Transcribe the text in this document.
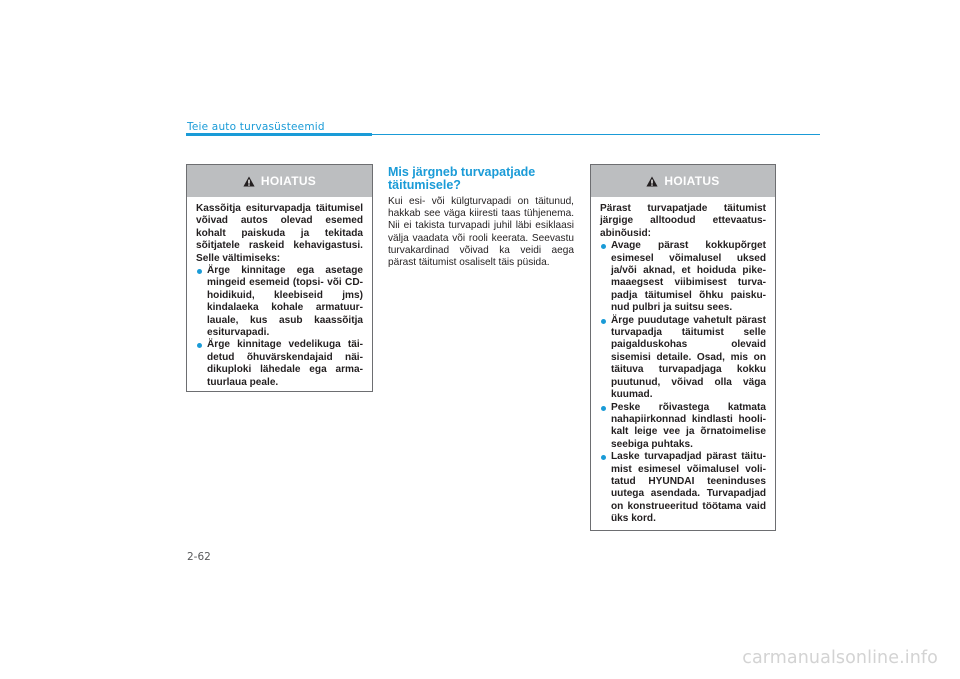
Teie auto turvasüsteemid
HOIATUS

Kassõitja esiturvapadja täitumisel võivad autos olevad esemed kohalt paiskuda ja tekitada sõitjatele raskeid kehavigastusi. Selle vältimiseks:

Ärge kinnitage ega asetage mingeid esemeid (topsi- või CD-hoidikuid, kleebiseid jms) kindalaeka kohale armatuurlauale, kus asub kaassõitja esiturvapadi.
Ärge kinnitage vedelikuga täidetud õhuvärskendajaid näidikuploki lähedale ega armatuurlaua peale.
Mis järgneb turvapatjade täitumisele?

Kui esi- või külgturvapadi on täitunud, hakkab see väga kiiresti taas tühjenema. Nii ei takista turvapadi juhil läbi esiklaasi välja vaadata või rooli keerata. Seevastu turvakardinad võivad ka veidi aega pärast täitumist osaliselt täis püsida.

HOIATUS

Pärast turvapatjade täitumist järgige alltoodud ettevaatusabinõusid:

Avage pärast kokkupõrget esimesel võimalusel uksed ja/või aknad, et hoiduda pikemaaegsest viibimisest turvapadja täitumisel õhku paiskunud pulbri ja suitsu sees.
Ärge puudutage vahetult pärast turvapadja täitumist selle paigalduskohas olevaid sisemisi detaile. Osad, mis on täituva turvapadjaga kokku puutunud, võivad olla väga kuumad.
Peske rõivastega katmata nahapiirkonnad kindlasti hoolikalt leige vee ja õrnatoimelise seebiga puhtaks.
Laske turvapadjad pärast täitumist esimesel võimalusel volitatud HYUNDAI teeninduses uutega asendada. Turvapadjad on konstrueeritud töötama vaid üks kord.
2-62
carmanualsonline.info
